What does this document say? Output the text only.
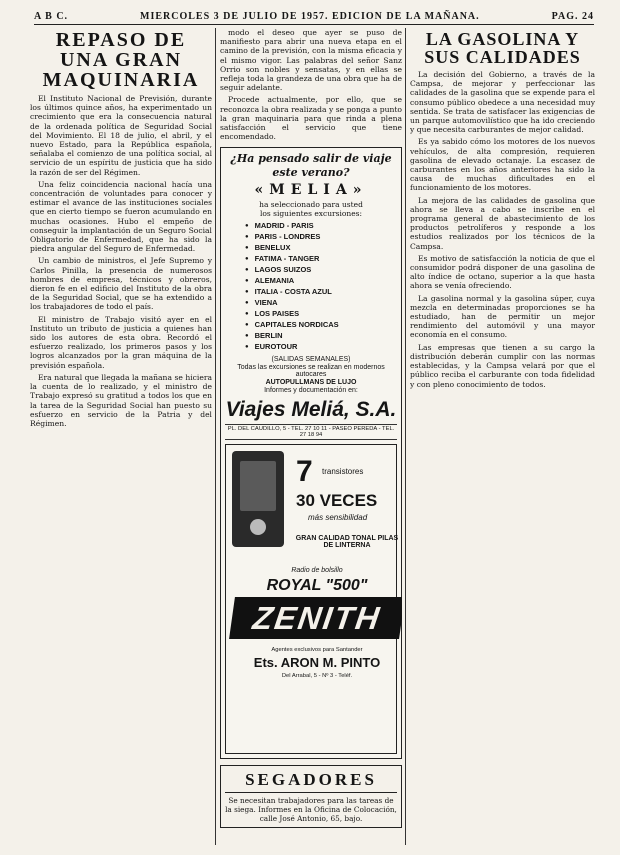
A B C.	MIERCOLES 3 DE JULIO DE 1957. EDICION DE LA MAÑANA.	PAG. 24
REPASO DE UNA GRAN MAQUINARIA

El Instituto Nacional de Previsión, durante los últimos quince años, ha experimentado un crecimiento que era la consecuencia natural de la ordenada política de Seguridad Social del Movimiento. El 18 de julio, el abril, y el nuevo Estado, para la República española, señalaba el comienzo de una política social, al servicio de un espíritu de justicia que ha sido la razón de ser del Régimen.

Una feliz coincidencia nacional hacía una concentración de voluntades para conocer y estimar el avance de las instituciones sociales que en cierto tiempo se fueron acumulando en muchas ocasiones. Hubo el empeño de conseguir la implantación de un Seguro Social Obligatorio de Enfermedad, que ha sido la piedra angular del Seguro de Enfermedad.

Un cambio de ministros, el Jefe Supremo y Carlos Pinilla, la presencia de numerosos hombres de empresa, técnicos y obreros, dieron fe en el edificio del Instituto de la obra de la Seguridad Social, que se ha extendido a los trabajadores de todo el país.

El ministro de Trabajo visitó ayer en el Instituto un tributo de justicia a quienes han sido los autores de esta obra. Recordó el esfuerzo realizado, los primeros pasos y los logros alcanzados por la gran máquina de la previsión española.

Era natural que llegada la mañana se hiciera la cuenta de lo realizado, y el ministro de Trabajo expresó su gratitud a todos los que en la tarea de la Seguridad Social han puesto su esfuerzo en servicio de la Patria y del Régimen.

modo el deseo que ayer se puso de manifiesto para abrir una nueva etapa en el camino de la previsión, con la misma eficacia y el mismo vigor. Las palabras del señor Sanz Orrio son nobles y sensatas, y en ellas se refleja toda la grandeza de una obra que ha de seguir adelante.

Procede actualmente, por ello, que se reconozca la obra realizada y se ponga a punto la gran maquinaria para que rinda a plena satisfacción el servicio que tiene encomendado.

¿Ha pensado salir de viaje este verano?
«MELIA»
ha seleccionado para usted
los siguientes excursiones:
● MADRID - PARIS
● PARIS - LONDRES
● BENELUX
● FATIMA - TANGER
● LAGOS SUIZOS
● ALEMANIA
● ITALIA - COSTA AZUL
● VIENA
● LOS PAISES
● CAPITALES NORDICAS
● BERLIN
● EUROTOUR
(SALIDAS SEMANALES)
Todas las excursiones se realizan en modernos autocares
AUTOPULLMANS DE LUJO
Informes y documentación en:
Viajes Meliá, S.A.
PL. DEL CAUDILLO, 5 - TEL. 27 10 11 - PASEO PEREDA - TEL. 27 18 94
7 transistores
30 VECES
más sensibilidad
GRAN CALIDAD TONAL PILAS DE LINTERNA
Radio de bolsillo
ROYAL "500"
ZENITH
Agentes exclusivos para Santander
Ets. ARON M. PINTO
Del Arrabal, 5 - Nº 3 - Teléf.
SEGADORES

Se necesitan trabajadores para las tareas de la siega. Informes en la Oficina de Colocación, calle José Antonio, 65, bajo.

LA GASOLINA Y SUS CALIDADES

La decisión del Gobierno, a través de la Campsa, de mejorar y perfeccionar las calidades de la gasolina que se expende para el consumo público obedece a una necesidad muy sentida. Se trata de satisfacer las exigencias de un parque automovilístico que ha ido creciendo y que necesita carburantes de mejor calidad.

Es ya sabido cómo los motores de los nuevos vehículos, de alta compresión, requieren gasolina de elevado octanaje. La escasez de carburantes en los años anteriores ha sido la causa de muchas dificultades en el funcionamiento de los motores.

La mejora de las calidades de gasolina que ahora se lleva a cabo se inscribe en el programa general de abastecimiento de los productos petrolíferos y responde a los estudios realizados por los técnicos de la Campsa.

Es motivo de satisfacción la noticia de que el consumidor podrá disponer de una gasolina de alto índice de octano, superior a la que hasta ahora se venía ofreciendo.

La gasolina normal y la gasolina súper, cuya mezcla en determinadas proporciones se ha estudiado, han de permitir un mejor rendimiento del automóvil y una mayor economía en el consumo.

Las empresas que tienen a su cargo la distribución deberán cumplir con las normas establecidas, y la Campsa velará por que el público reciba el carburante con toda fidelidad y con pleno conocimiento de todos.
